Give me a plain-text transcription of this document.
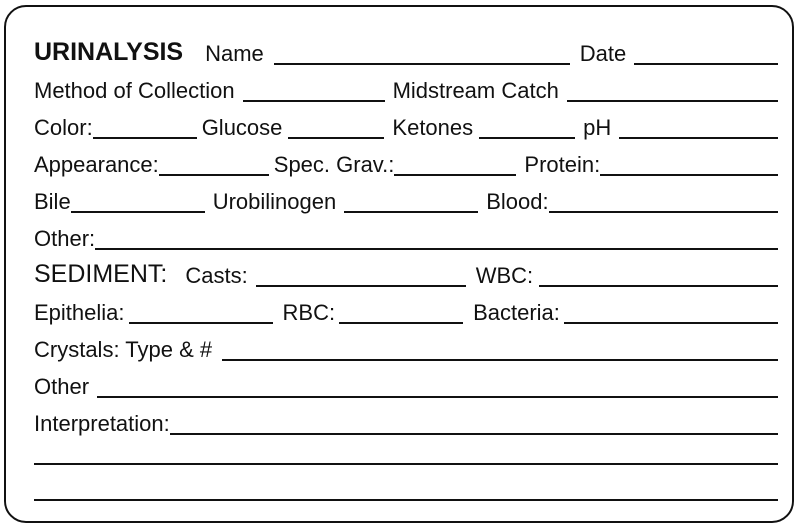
URINALYSIS Name	Date
Method of Collection	Midstream Catch
Color:	Glucose	Ketones	pH
Appearance:	Spec. Grav.:	Protein:
Bile	Urobilinogen	Blood:
Other:
SEDIMENT: Casts:	WBC:
Epithelia:	RBC:	Bacteria:
Crystals: Type & #
Other
Interpretation:
